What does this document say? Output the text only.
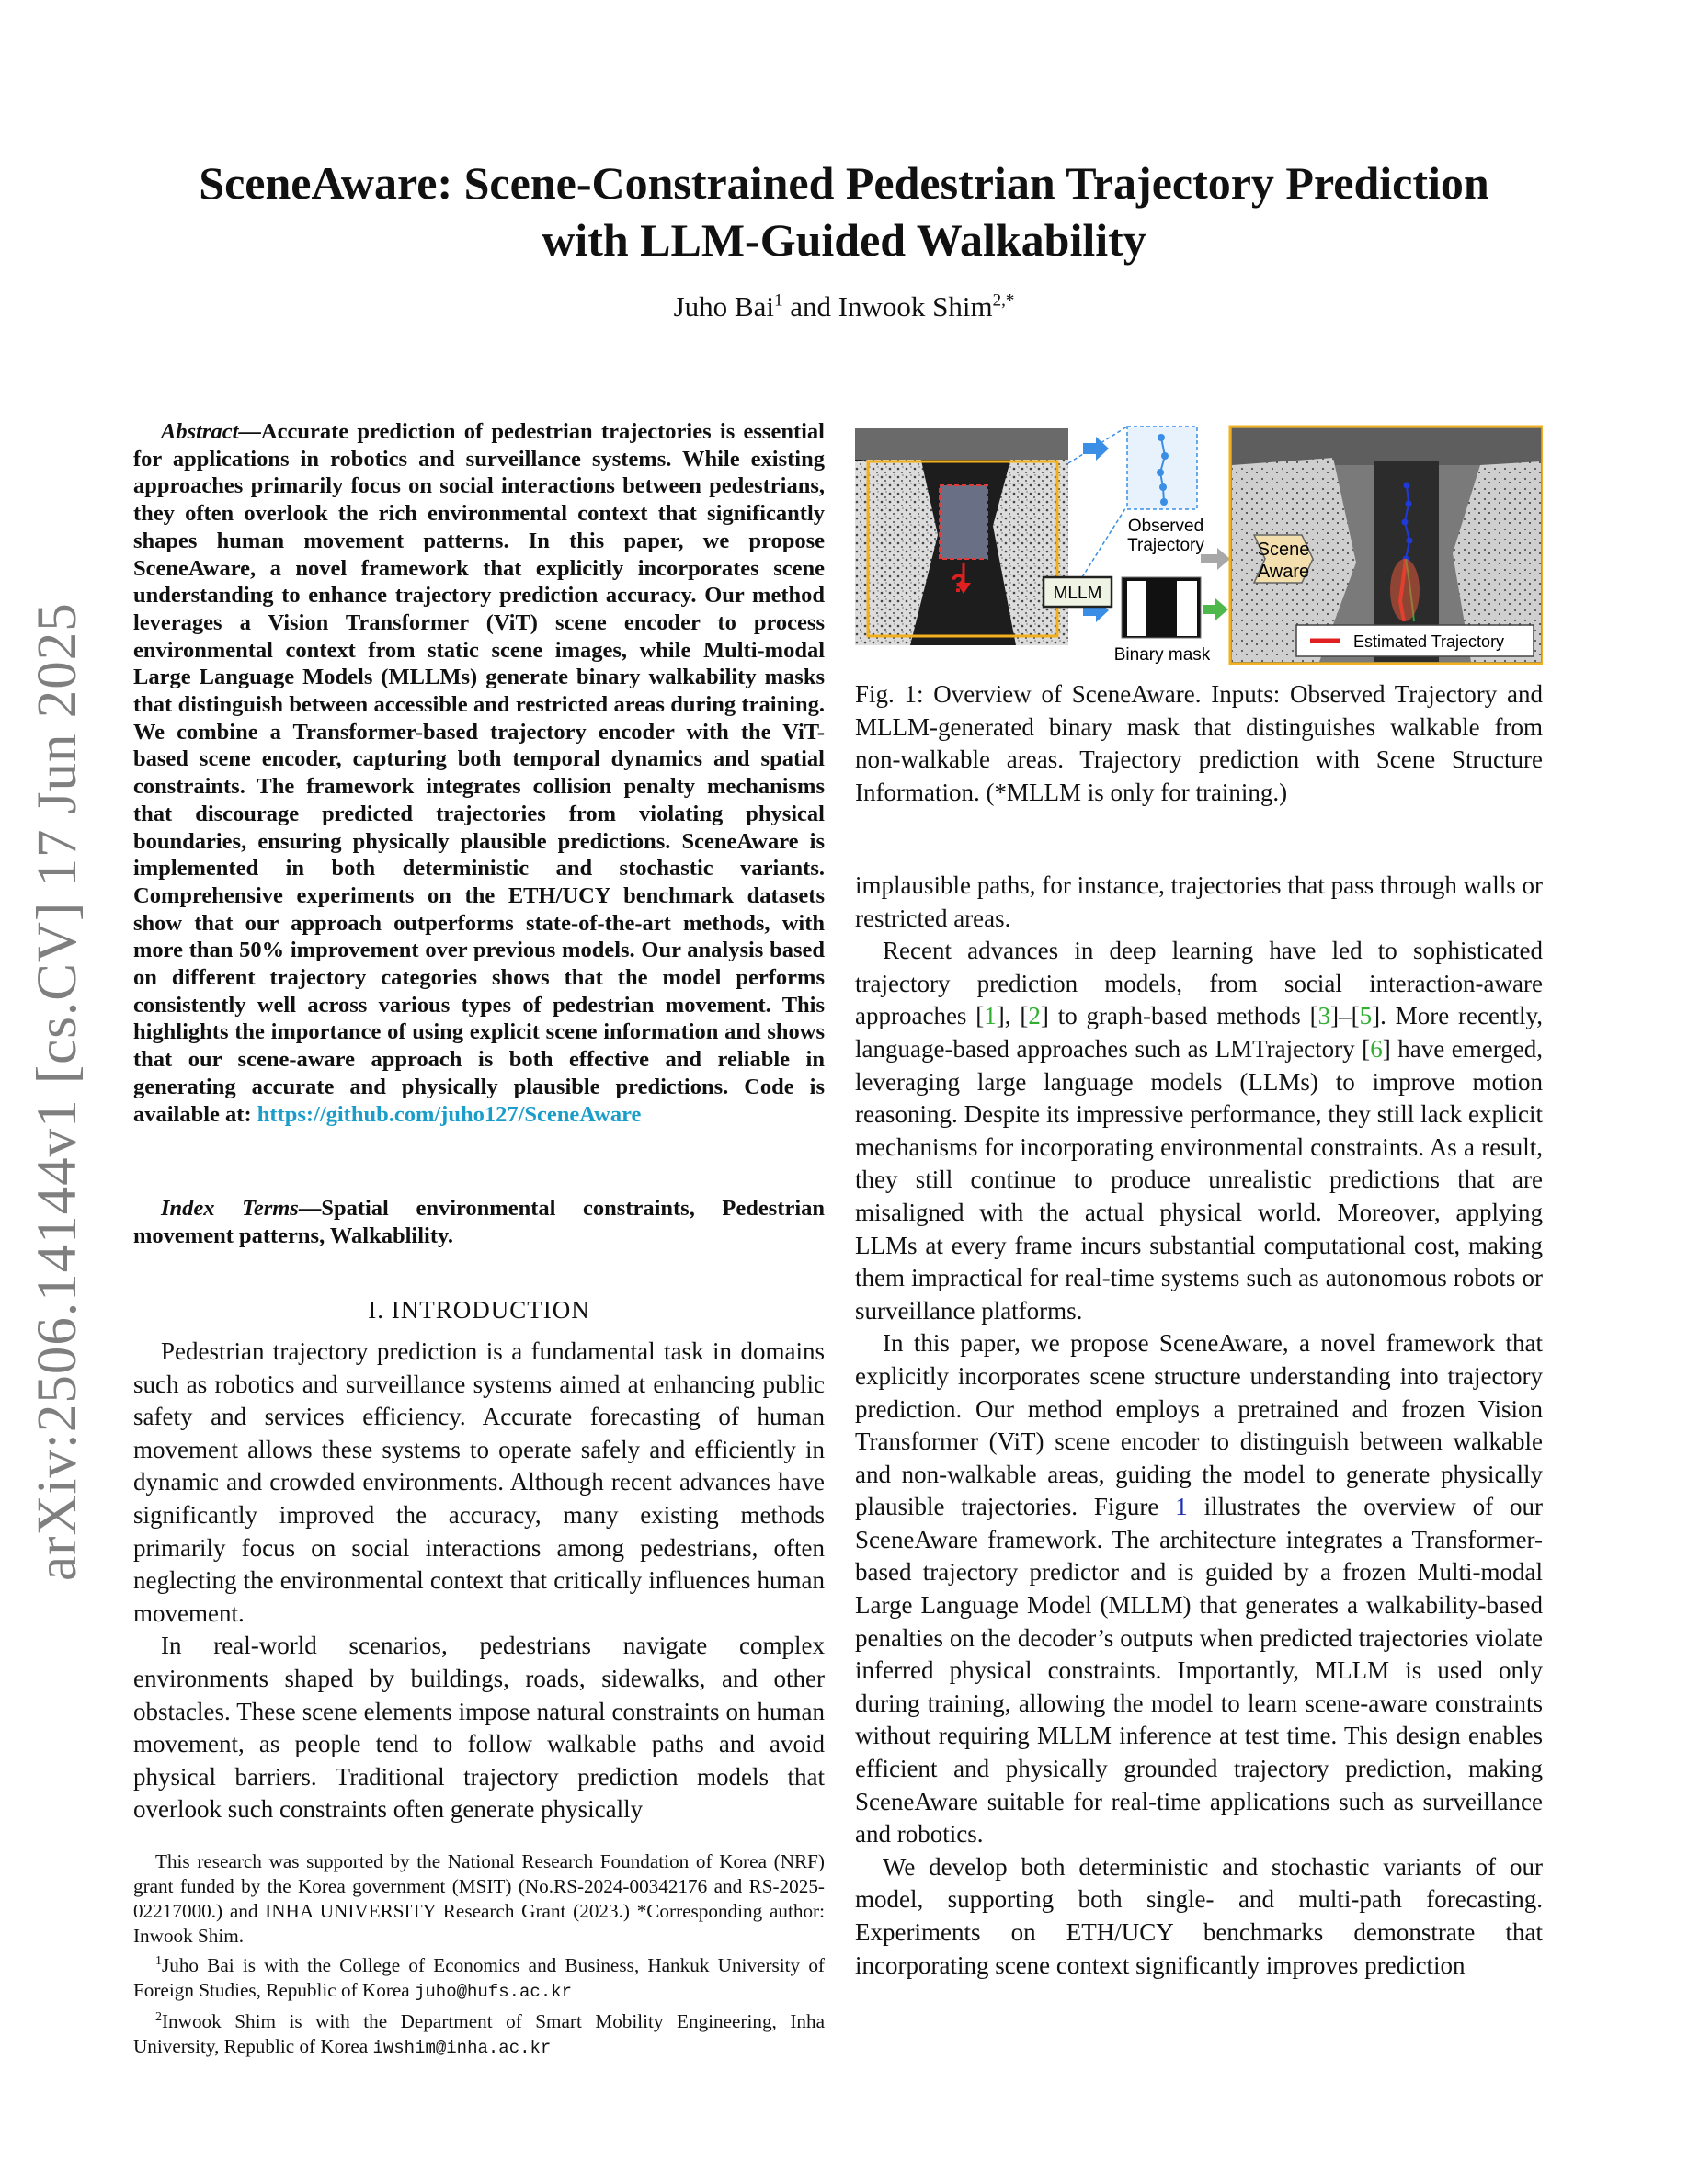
arXiv:2506.14144v1 [cs.CV] 17 Jun 2025
SceneAware: Scene-Constrained Pedestrian Trajectory Prediction
with LLM-Guided Walkability
Juho Bai$^1$ and Inwook Shim$^{2,*}$
Abstract—Accurate prediction of pedestrian trajectories is essential for applications in robotics and surveillance systems. While existing approaches primarily focus on social interactions between pedestrians, they often overlook the rich environmental context that significantly shapes human movement patterns. In this paper, we propose SceneAware, a novel framework that explicitly incorporates scene understanding to enhance trajectory prediction accuracy. Our method leverages a Vision Transformer (ViT) scene encoder to process environmental context from static scene images, while Multi-modal Large Language Models (MLLMs) generate binary walkability masks that distinguish between accessible and restricted areas during training. We combine a Transformer-based trajectory encoder with the ViT-based scene encoder, capturing both temporal dynamics and spatial constraints. The framework integrates collision penalty mechanisms that discourage predicted trajectories from violating physical boundaries, ensuring physically plausible predictions. SceneAware is implemented in both deterministic and stochastic variants. Comprehensive experiments on the ETH/UCY benchmark datasets show that our approach outperforms state-of-the-art methods, with more than 50% improvement over previous models. Our analysis based on different trajectory categories shows that the model performs consistently well across various types of pedestrian movement. This highlights the importance of using explicit scene information and shows that our scene-aware approach is both effective and reliable in generating accurate and physically plausible predictions. Code is available at: https://github.com/juho127/SceneAware
Index Terms—Spatial environmental constraints, Pedestrian movement patterns, Walkablility.
I. INTRODUCTION

Pedestrian trajectory prediction is a fundamental task in domains such as robotics and surveillance systems aimed at enhancing public safety and services efficiency. Accurate forecasting of human movement allows these systems to operate safely and efficiently in dynamic and crowded environments. Although recent advances have significantly improved the accuracy, many existing methods primarily focus on social interactions among pedestrians, often neglecting the environmental context that critically influences human movement.

In real-world scenarios, pedestrians navigate complex environments shaped by buildings, roads, sidewalks, and other obstacles. These scene elements impose natural constraints on human movement, as people tend to follow walkable paths and avoid physical barriers. Traditional trajectory prediction models that overlook such constraints often generate physically

This research was supported by the National Research Foundation of Korea (NRF) grant funded by the Korea government (MSIT) (No.RS-2024-00342176 and RS-2025-02217000.) and INHA UNIVERSITY Research Grant (2023.) *Corresponding author: Inwook Shim.

$^1$Juho Bai is with the College of Economics and Business, Hankuk University of Foreign Studies, Republic of Korea juho@hufs.ac.kr

$^2$Inwook Shim is with the Department of Smart Mobility Engineering, Inha University, Republic of Korea iwshim@inha.ac.kr

?
Observed
Trajectory
MLLM
Binary mask
Scene
Aware
Estimated Trajectory
Fig. 1: Overview of SceneAware. Inputs: Observed Trajectory and MLLM-generated binary mask that distinguishes walkable from non-walkable areas. Trajectory prediction with Scene Structure Information. (*MLLM is only for training.)

implausible paths, for instance, trajectories that pass through walls or restricted areas.

Recent advances in deep learning have led to sophisticated trajectory prediction models, from social interaction-aware approaches [1], [2] to graph-based methods [3]–[5]. More recently, language-based approaches such as LMTrajectory [6] have emerged, leveraging large language models (LLMs) to improve motion reasoning. Despite its impressive performance, they still lack explicit mechanisms for incorporating environmental constraints. As a result, they still continue to produce unrealistic predictions that are misaligned with the actual physical world. Moreover, applying LLMs at every frame incurs substantial computational cost, making them impractical for real-time systems such as autonomous robots or surveillance platforms.

In this paper, we propose SceneAware, a novel framework that explicitly incorporates scene structure understanding into trajectory prediction. Our method employs a pretrained and frozen Vision Transformer (ViT) scene encoder to distinguish between walkable and non-walkable areas, guiding the model to generate physically plausible trajectories. Figure 1 illustrates the overview of our SceneAware framework. The architecture integrates a Transformer-based trajectory predictor and is guided by a frozen Multi-modal Large Language Model (MLLM) that generates a walkability-based penalties on the decoder’s outputs when predicted trajectories violate inferred physical constraints. Importantly, MLLM is used only during training, allowing the model to learn scene-aware constraints without requiring MLLM inference at test time. This design enables efficient and physically grounded trajectory prediction, making SceneAware suitable for real-time applications such as surveillance and robotics.

We develop both deterministic and stochastic variants of our model, supporting both single- and multi-path forecasting. Experiments on ETH/UCY benchmarks demonstrate that incorporating scene context significantly improves prediction
